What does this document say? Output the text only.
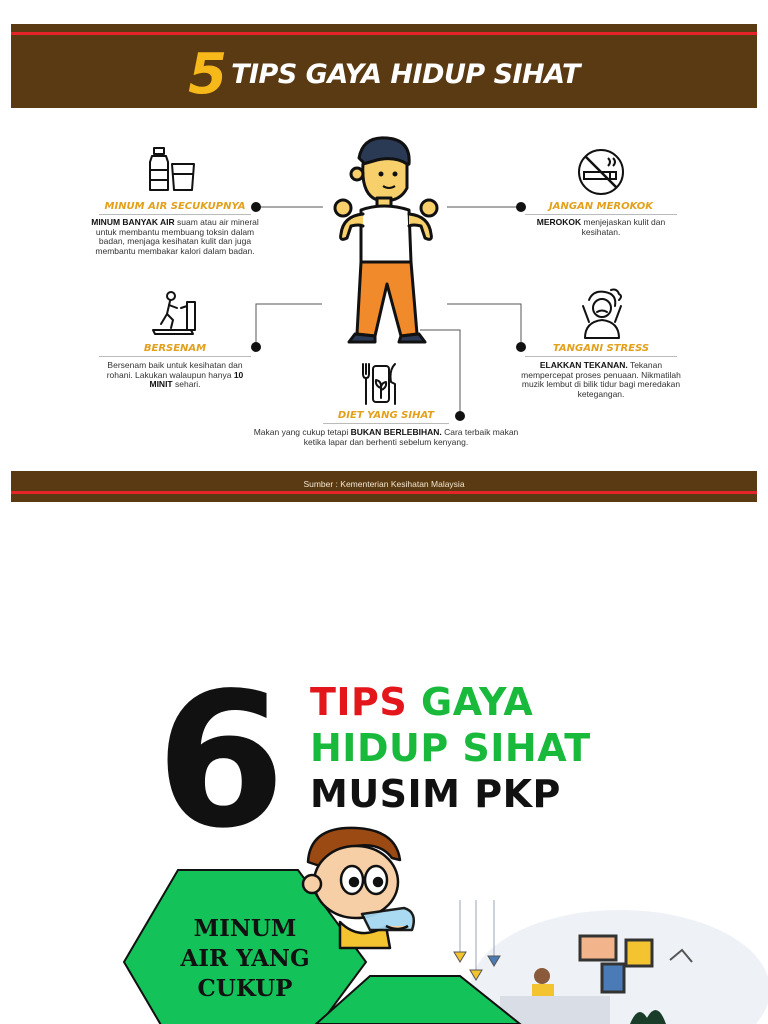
5 TIPS GAYA HIDUP SIHAT
MINUM AIR SECUKUPNYA
MINUM BANYAK AIR suam atau air mineral untuk membantu membuang toksin dalam badan, menjaga kesihatan kulit dan juga membantu membakar kalori dalam badan.
JANGAN MEROKOK
MEROKOK menjejaskan kulit dan kesihatan.
BERSENAM
Bersenam baik untuk kesihatan dan rohani. Lakukan walaupun hanya 10 MINIT sehari.
TANGANI STRESS
ELAKKAN TEKANAN. Tekanan mempercepat proses penuaan. Nikmatilah muzik lembut di bilik tidur bagi meredakan ketegangan.
DIET YANG SIHAT
Makan yang cukup tetapi BUKAN BERLEBIHAN. Cara terbaik makan ketika lapar dan berhenti sebelum kenyang.
Sumber : Kementerian Kesihatan Malaysia
6 TIPS GAYA
HIDUP SIHAT
MUSIM PKP
MINUM
AIR YANG
CUKUP
